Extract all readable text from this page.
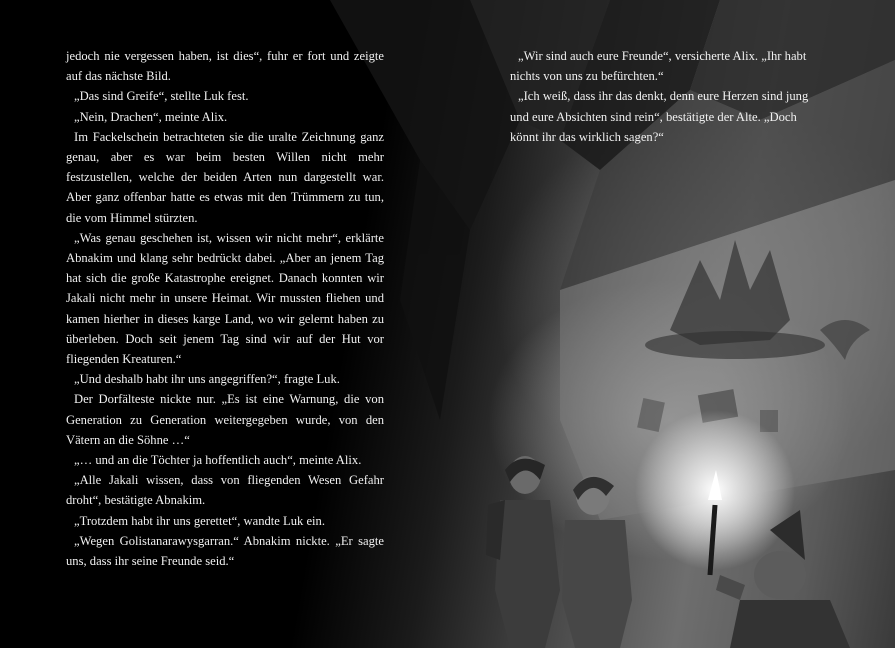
jedoch nie vergessen haben, ist dies“, fuhr er fort und zeigte auf das nächste Bild.

„Das sind Greife“, stellte Luk fest.

„Nein, Drachen“, meinte Alix.

Im Fackelschein betrachteten sie die uralte Zeichnung ganz genau, aber es war beim besten Willen nicht mehr festzustellen, welche der beiden Arten nun dargestellt war. Aber ganz offenbar hatte es etwas mit den Trümmern zu tun, die vom Himmel stürzten.

„Was genau geschehen ist, wissen wir nicht mehr“, erklärte Abnakim und klang sehr bedrückt dabei. „Aber an jenem Tag hat sich die große Katastrophe ereignet. Danach konnten wir Jakali nicht mehr in unsere Heimat. Wir mussten fliehen und kamen hierher in dieses karge Land, wo wir gelernt haben zu überleben. Doch seit jenem Tag sind wir auf der Hut vor fliegenden Kreaturen.“

„Und deshalb habt ihr uns angegriffen?“, fragte Luk.

Der Dorfälteste nickte nur. „Es ist eine Warnung, die von Generation zu Generation weitergegeben wurde, von den Vätern an die Söhne …“

„… und an die Töchter ja hoffentlich auch“, meinte Alix.

„Alle Jakali wissen, dass von fliegenden Wesen Gefahr droht“, bestätigte Abnakim.

„Trotzdem habt ihr uns gerettet“, wandte Luk ein.

„Wegen Golistanarawysgarran.“ Abnakim nickte. „Er sagte uns, dass ihr seine Freunde seid.“

„Wir sind auch eure Freunde“, versicherte Alix. „Ihr habt nichts von uns zu befürchten.“

„Ich weiß, dass ihr das denkt, denn eure Herzen sind jung und eure Absichten sind rein“, bestätigte der Alte. „Doch könnt ihr das wirklich sagen?“
